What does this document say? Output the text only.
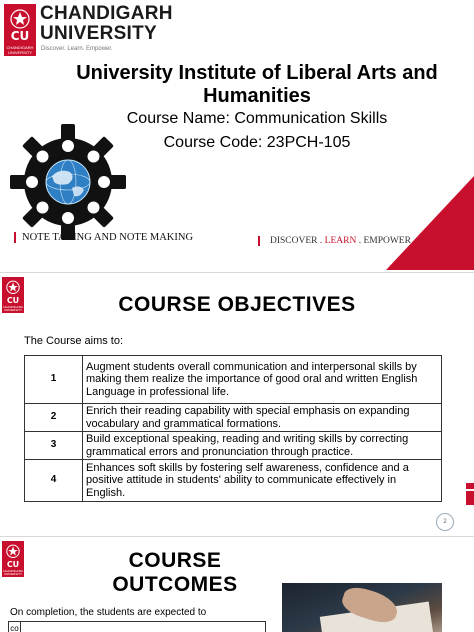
CU
CHANDIGARH UNIVERSITY
CHANDIGARH
UNIVERSITY
Discover. Learn. Empower.
University Institute of Liberal Arts and Humanities
Course Name: Communication Skills
Course Code: 23PCH-105
NOTE TAKING AND NOTE MAKING	DISCOVER . LEARN . EMPOWER
CU
CHANDIGARH UNIVERSITY	COURSE OBJECTIVES
The Course aims to:
1	Augment students overall communication and interpersonal skills by making them realize the importance of good oral and written English Language in professional life.
2	Enrich their reading capability with special emphasis on expanding vocabulary and grammatical formations.
3	Build exceptional speaking, reading and writing skills by correcting grammatical errors and pronunciation through practice.
4	Enhances soft skills by fostering self awareness, confidence and a positive attitude in students' ability to communicate effectively in English.
2
CU
CHANDIGARH UNIVERSITY
COURSE
OUTCOMES
On completion, the students are expected to
co
